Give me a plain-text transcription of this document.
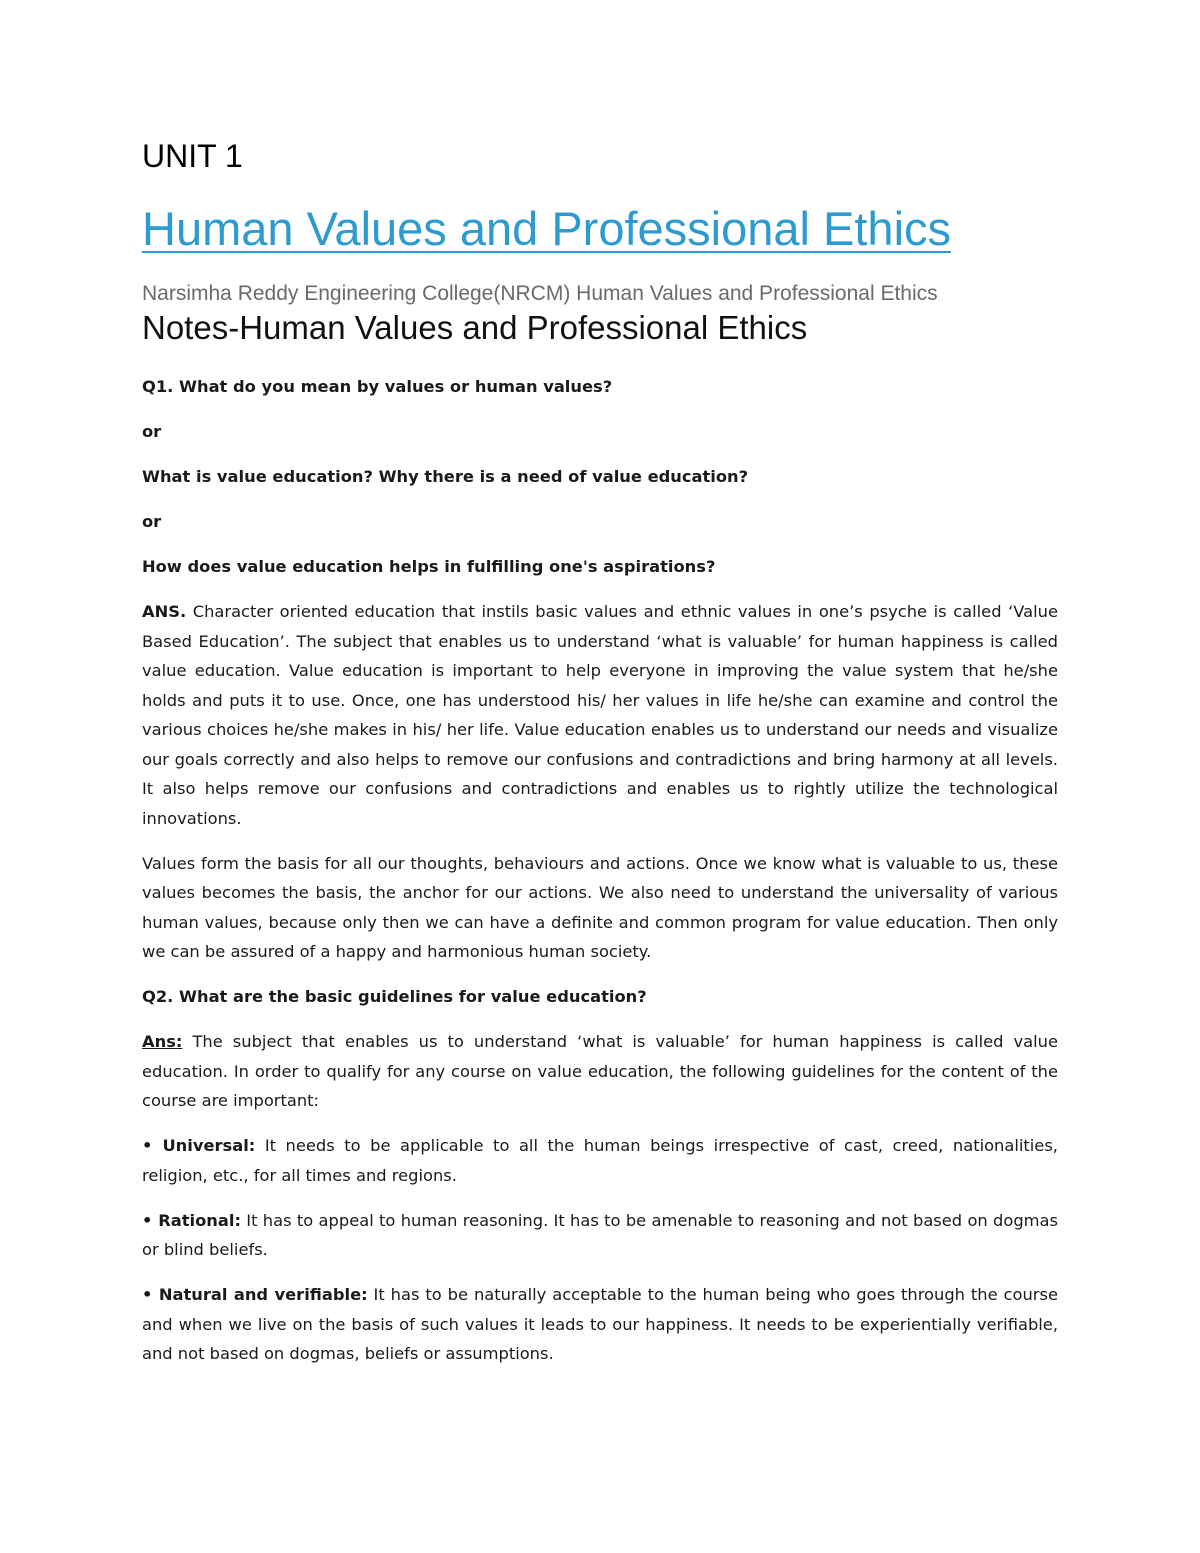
UNIT 1
Human Values and Professional Ethics
Narsimha Reddy Engineering College(NRCM) Human Values and Professional Ethics
Notes-Human Values and Professional Ethics

Q1. What do you mean by values or human values?

or

What is value education? Why there is a need of value education?

or

How does value education helps in fulfilling one's aspirations?

ANS. Character oriented education that instils basic values and ethnic values in one’s psyche is called ‘Value Based Education’. The subject that enables us to understand ‘what is valuable’ for human happiness is called value education. Value education is important to help everyone in improving the value system that he/she holds and puts it to use. Once, one has understood his/ her values in life he/she can examine and control the various choices he/she makes in his/ her life. Value education enables us to understand our needs and visualize our goals correctly and also helps to remove our confusions and contradictions and bring harmony at all levels. It also helps remove our confusions and contradictions and enables us to rightly utilize the technological innovations.

Values form the basis for all our thoughts, behaviours and actions. Once we know what is valuable to us, these values becomes the basis, the anchor for our actions. We also need to understand the universality of various human values, because only then we can have a definite and common program for value education. Then only we can be assured of a happy and harmonious human society.

Q2. What are the basic guidelines for value education?

Ans: The subject that enables us to understand ‘what is valuable’ for human happiness is called value education. In order to qualify for any course on value education, the following guidelines for the content of the course are important:

• Universal: It needs to be applicable to all the human beings irrespective of cast, creed, nationalities, religion, etc., for all times and regions.

• Rational: It has to appeal to human reasoning. It has to be amenable to reasoning and not based on dogmas or blind beliefs.

• Natural and verifiable: It has to be naturally acceptable to the human being who goes through the course and when we live on the basis of such values it leads to our happiness. It needs to be experientially verifiable, and not based on dogmas, beliefs or assumptions.
